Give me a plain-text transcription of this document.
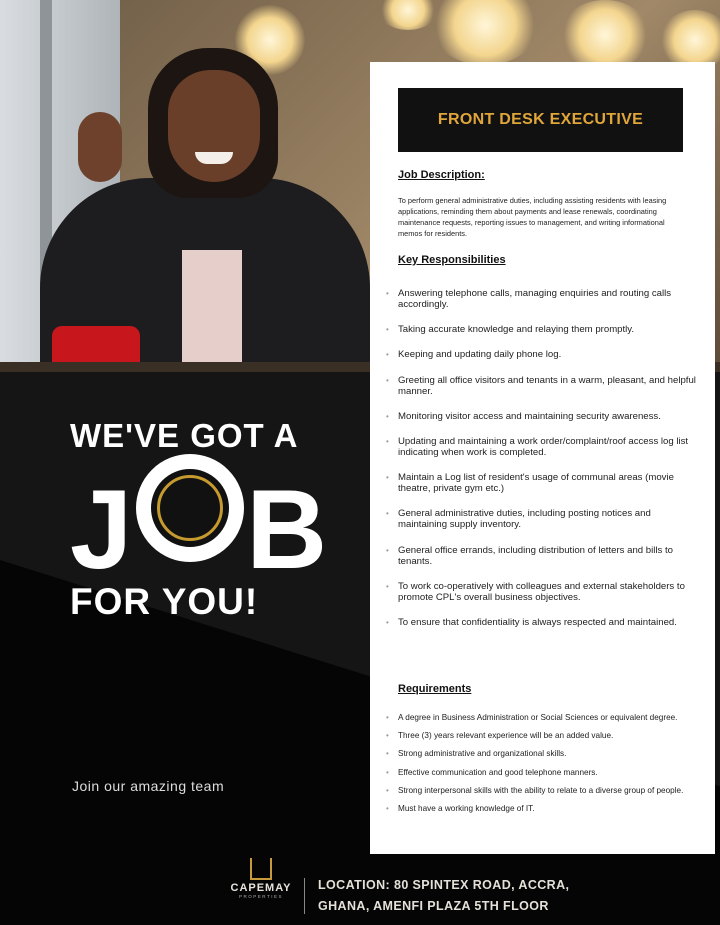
WE'VE GOT A
J B
FOR YOU!
Join our amazing team
FRONT DESK EXECUTIVE
Job Description:
To perform general administrative duties, including assisting residents with leasing applications, reminding them about payments and lease renewals, coordinating maintenance requests, reporting issues to management, and writing informational memos for residents.
Key Responsibilities
• Answering telephone calls, managing enquiries and routing calls accordingly.
• Taking accurate knowledge and relaying them promptly.
• Keeping and updating daily phone log.
• Greeting all office visitors and tenants in a warm, pleasant, and helpful manner.
• Monitoring visitor access and maintaining security awareness.
• Updating and maintaining a work order/complaint/roof access log list indicating when work is completed.
• Maintain a Log list of resident's usage of communal areas (movie theatre, private gym etc.)
• General administrative duties, including posting notices and maintaining supply inventory.
• General office errands, including distribution of letters and bills to tenants.
• To work co-operatively with colleagues and external stakeholders to promote CPL's overall business objectives.
• To ensure that confidentiality is always respected and maintained.
Requirements
• A degree in Business Administration or Social Sciences or equivalent degree.
• Three (3) years relevant experience will be an added value.
• Strong administrative and organizational skills.
• Effective communication and good telephone manners.
• Strong interpersonal skills with the ability to relate to a diverse group of people.
• Must have a working knowledge of IT.
CAPEMAY
PROPERTIES
LOCATION: 80 SPINTEX ROAD, ACCRA,
GHANA, AMENFI PLAZA 5TH FLOOR
